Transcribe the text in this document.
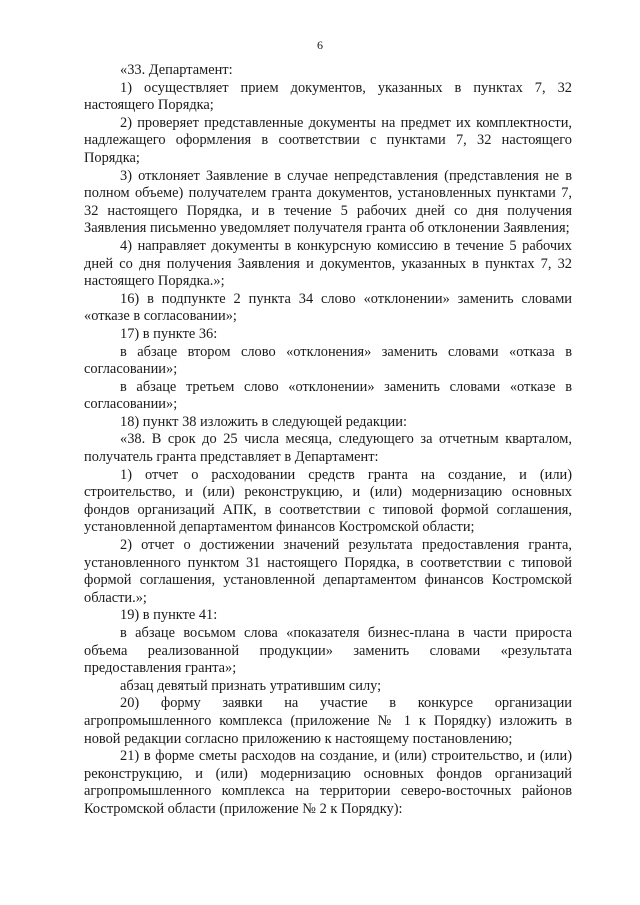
6

«33. Департамент:

1) осуществляет прием документов, указанных в пунктах 7, 32 настоящего Порядка;

2) проверяет представленные документы на предмет их комплектности, надлежащего оформления в соответствии с пунктами 7, 32 настоящего Порядка;

3) отклоняет Заявление в случае непредставления (представления не в полном объеме) получателем гранта документов, установленных пунктами 7, 32 настоящего Порядка, и в течение 5 рабочих дней со дня получения Заявления письменно уведомляет получателя гранта об отклонении Заявления;

4) направляет документы в конкурсную комиссию в течение 5 рабочих дней со дня получения Заявления и документов, указанных в пунктах 7, 32 настоящего Порядка.»;

16) в подпункте 2 пункта 34 слово «отклонении» заменить словами «отказе в согласовании»;

17) в пункте 36:

в абзаце втором слово «отклонения» заменить словами «отказа в согласовании»;

в абзаце третьем слово «отклонении» заменить словами «отказе в согласовании»;

18) пункт 38 изложить в следующей редакции:

«38. В срок до 25 числа месяца, следующего за отчетным кварталом, получатель гранта представляет в Департамент:

1) отчет о расходовании средств гранта на создание, и (или) строительство, и (или) реконструкцию, и (или) модернизацию основных фондов организаций АПК, в соответствии с типовой формой соглашения, установленной департаментом финансов Костромской области;

2) отчет о достижении значений результата предоставления гранта, установленного пунктом 31 настоящего Порядка, в соответствии с типовой формой соглашения, установленной департаментом финансов Костромской области.»;

19) в пункте 41:

в абзаце восьмом слова «показателя бизнес-плана в части прироста объема реализованной продукции» заменить словами «результата предоставления гранта»;

абзац девятый признать утратившим силу;

20) форму заявки на участие в конкурсе организации агропромышленного комплекса (приложение № 1 к Порядку) изложить в новой редакции согласно приложению к настоящему постановлению;

21) в форме сметы расходов на создание, и (или) строительство, и (или) реконструкцию, и (или) модернизацию основных фондов организаций агропромышленного комплекса на территории северо-восточных районов Костромской области (приложение № 2 к Порядку):
